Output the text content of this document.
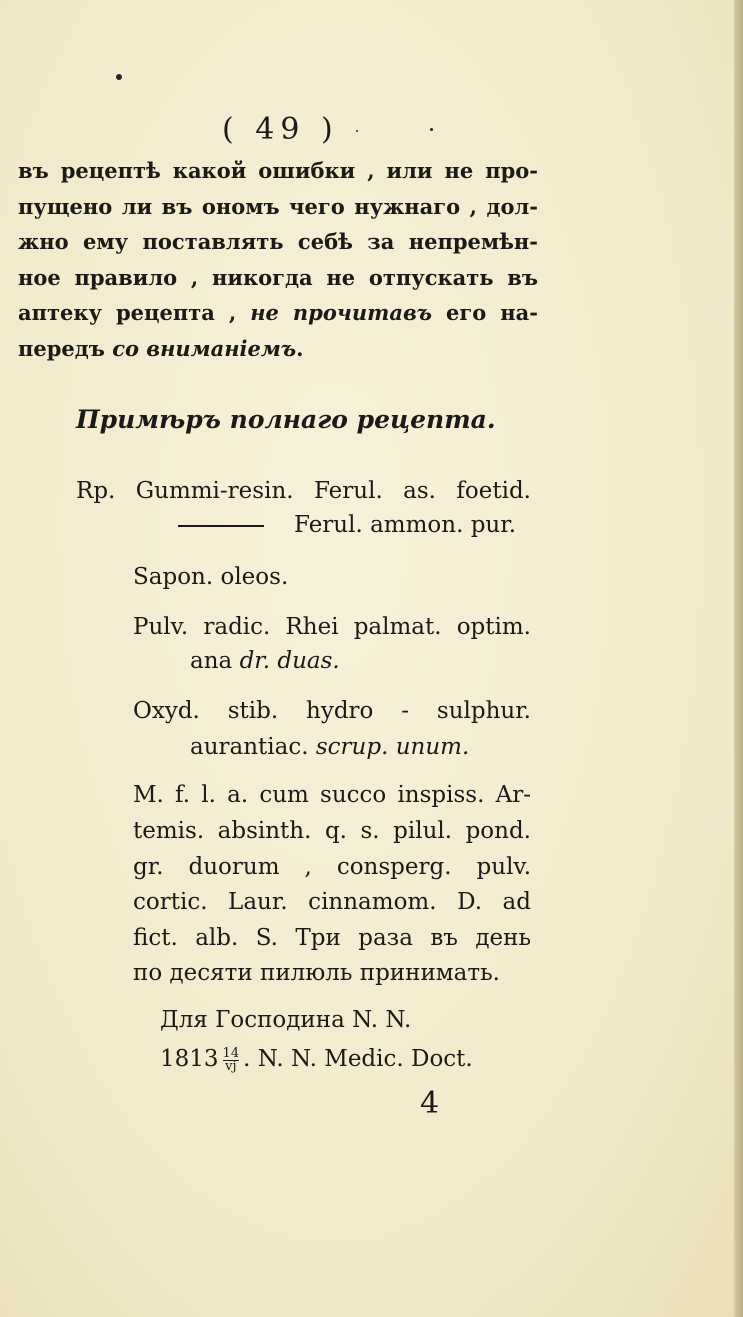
( 49 )
въ рецептѣ какой ошибки , или не про-
пущено ли въ ономъ чего нужнаго , дол-
жно ему поставлять себѣ за непремѣн-
ное правило , никогда не отпускать въ
аптеку рецепта , не прочитавъ его на-
передъ со вниманіемъ.
Примѣръ полнаго рецепта.
Rp. Gummi-resin. Ferul. as. foetid.
Ferul. ammon. pur.
Sapon. oleos.
Pulv. radic. Rhei palmat. optim.
ana dr. duas.
Oxyd. stib. hydro - sulphur.
aurantiac. scrup. unum.
M. f. l. a. cum succo inspiss. Ar-
temis. absinth. q. s. pilul. pond.
gr. duorum , consperg. pulv.
cortic. Laur. cinnamom. D. ad
fict. alb. S. Три раза въ день
по десяти пилюль принимать.
Для Господина N. N.
$1813 \frac{14}{vj}$ . N. N. Medic. Doct.
4
